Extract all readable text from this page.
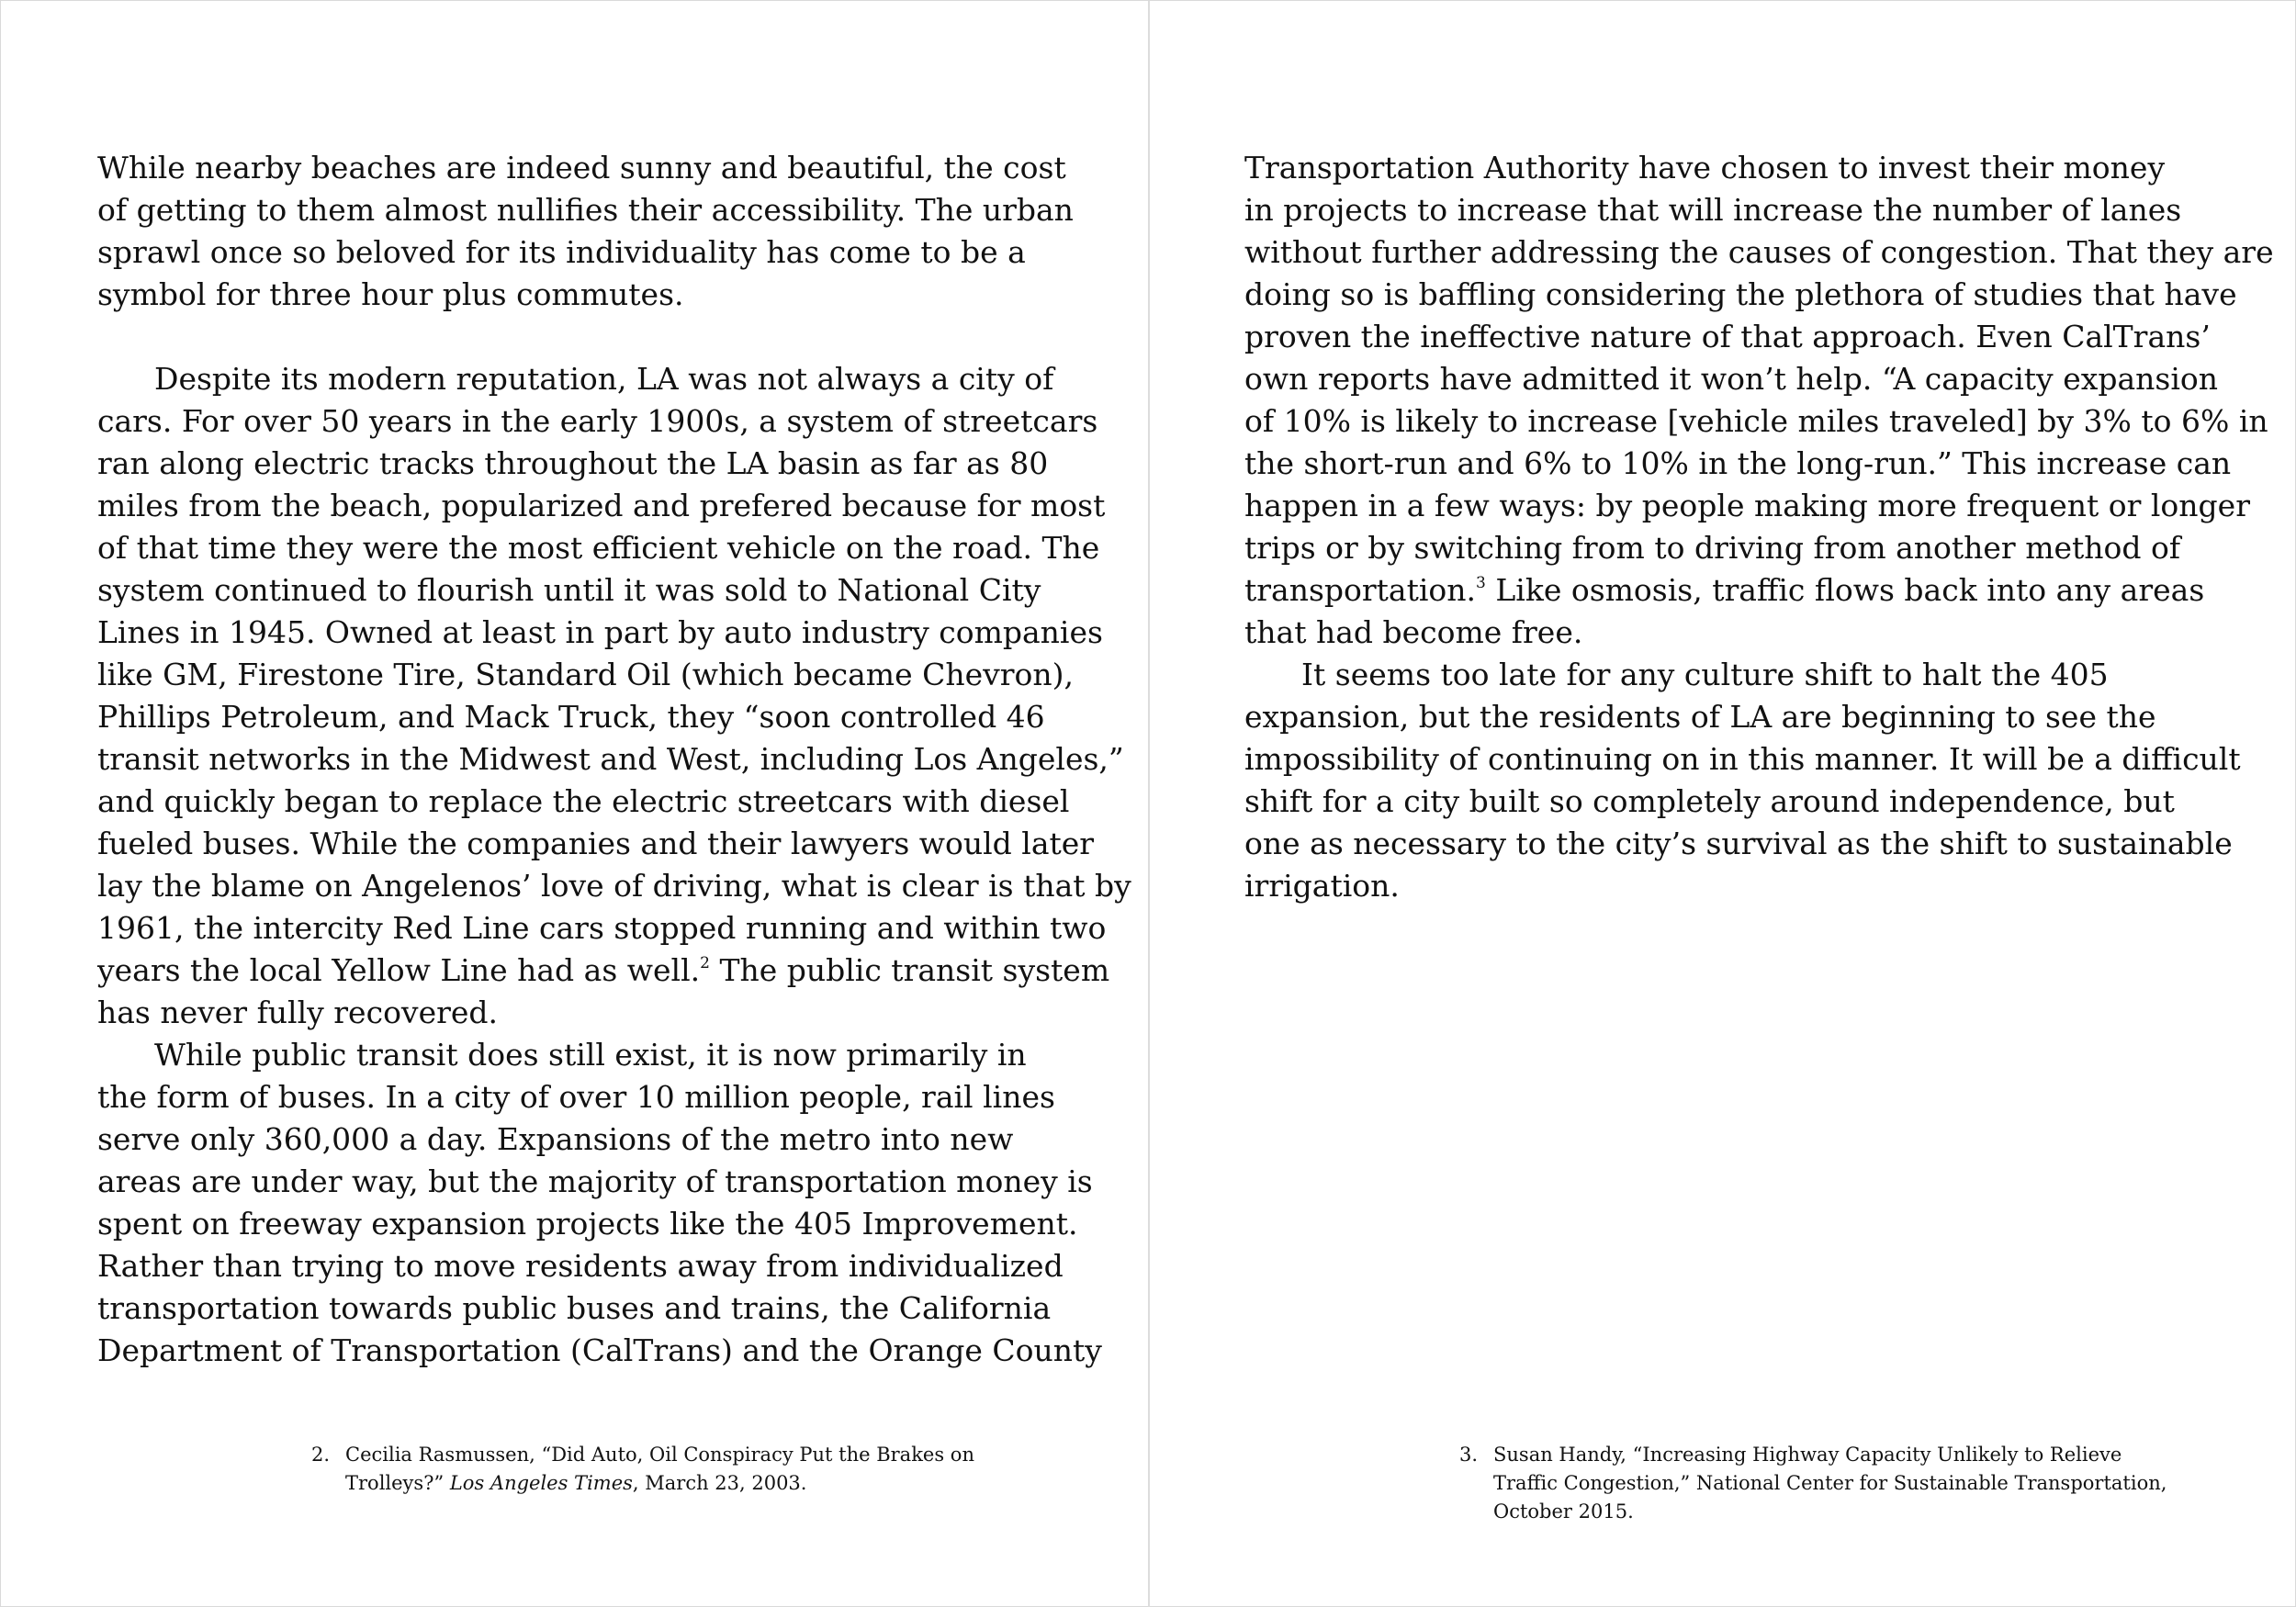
While nearby beaches are indeed sunny and beautiful, the cost
of getting to them almost nullifies their accessibility. The urban
sprawl once so beloved for its individuality has come to be a
symbol for three hour plus commutes.
Despite its modern reputation, LA was not always a city of
cars. For over 50 years in the early 1900s, a system of streetcars
ran along electric tracks throughout the LA basin as far as 80
miles from the beach, popularized and prefered because for most
of that time they were the most efficient vehicle on the road. The
system continued to flourish until it was sold to National City
Lines in 1945. Owned at least in part by auto industry companies
like GM, Firestone Tire, Standard Oil (which became Chevron),
Phillips Petroleum, and Mack Truck, they “soon controlled 46
transit networks in the Midwest and West, including Los Angeles,”
and quickly began to replace the electric streetcars with diesel
fueled buses. While the companies and their lawyers would later
lay the blame on Angelenos’ love of driving, what is clear is that by
1961, the intercity Red Line cars stopped running and within two
years the local Yellow Line had as well.$^2$ The public transit system
has never fully recovered.
While public transit does still exist, it is now primarily in
the form of buses. In a city of over 10 million people, rail lines
serve only 360,000 a day. Expansions of the metro into new
areas are under way, but the majority of transportation money is
spent on freeway expansion projects like the 405 Improvement.
Rather than trying to move residents away from individualized
transportation towards public buses and trains, the California
Department of Transportation (CalTrans) and the Orange County
2. Cecilia Rasmussen, “Did Auto, Oil Conspiracy Put the Brakes on
Trolleys?” Los Angeles Times, March 23, 2003.
Transportation Authority have chosen to invest their money
in projects to increase that will increase the number of lanes
without further addressing the causes of congestion. That they are
doing so is baffling considering the plethora of studies that have
proven the ineffective nature of that approach. Even CalTrans’
own reports have admitted it won’t help. “A capacity expansion
of 10% is likely to increase [vehicle miles traveled] by 3% to 6% in
the short-run and 6% to 10% in the long-run.” This increase can
happen in a few ways: by people making more frequent or longer
trips or by switching from to driving from another method of
transportation.$^3$ Like osmosis, traffic flows back into any areas
that had become free.
It seems too late for any culture shift to halt the 405
expansion, but the residents of LA are beginning to see the
impossibility of continuing on in this manner. It will be a difficult
shift for a city built so completely around independence, but
one as necessary to the city’s survival as the shift to sustainable
irrigation.
3. Susan Handy, “Increasing Highway Capacity Unlikely to Relieve
Traffic Congestion,” National Center for Sustainable Transportation,
October 2015.
